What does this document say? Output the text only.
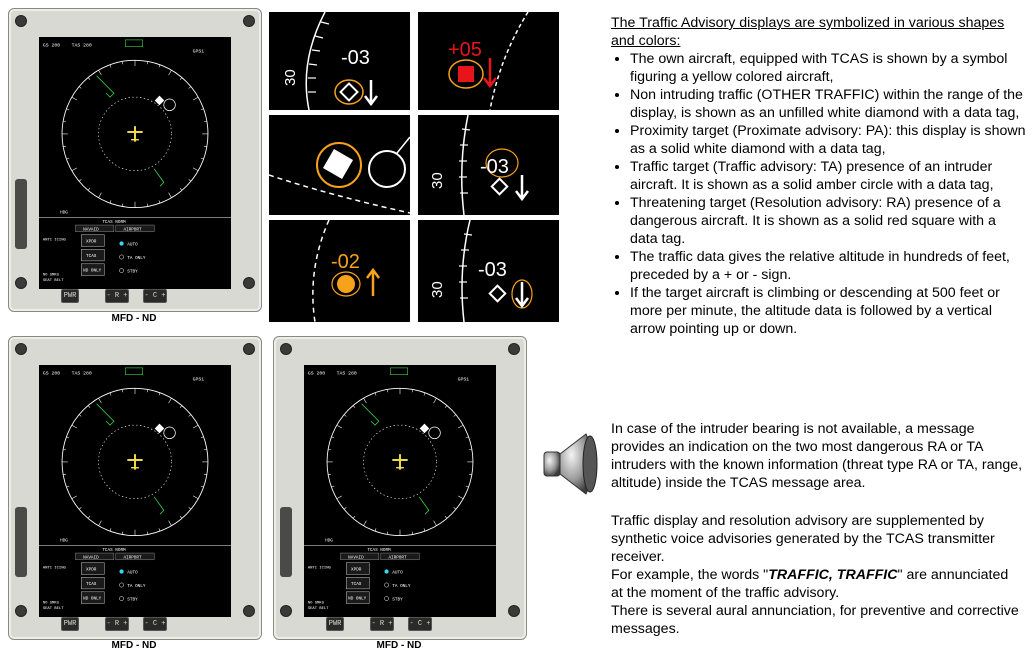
GS 200 TAS 280
GPS1
HDG
TCAS NORM
NAVAID	AIRPORT
ANTI ICING	XPDR
TCAS
ND ONLY
AUTO
TA ONLY
STBY
NO SMKG
SEAT BELT
PWR	- R + - C +
MFD - ND
GS 200 TAS 280
GPS1
HDG
TCAS NORM
NAVAID	AIRPORT
ANTI ICING	XPDR
TCAS
ND ONLY
AUTO
TA ONLY
STBY
NO SMKG
SEAT BELT
PWR	- R + - C +
MFD - ND
GS 200 TAS 280
GPS1
HDG
TCAS NORM
NAVAID	AIRPORT
ANTI ICING	XPDR
TCAS
ND ONLY
AUTO
TA ONLY
STBY
NO SMKG
SEAT BELT
PWR	- R + - C +
MFD - ND
30
-03	+05
30
-03
-02
30
-03

The Traffic Advisory displays are symbolized in various shapes and colors:

• The own aircraft, equipped with TCAS is shown by a symbol figuring a yellow colored aircraft,
• Non intruding traffic (OTHER TRAFFIC) within the range of the display, is shown as an unfilled white diamond with a data tag,
• Proximity target (Proximate advisory: PA): this display is shown as a solid white diamond with a data tag,
• Traffic target (Traffic advisory: TA) presence of an intruder aircraft. It is shown as a solid amber circle with a data tag,
• Threatening target (Resolution advisory: RA) presence of a dangerous aircraft. It is shown as a solid red square with a data tag.
• The traffic data gives the relative altitude in hundreds of feet, preceded by a + or - sign.
• If the target aircraft is climbing or descending at 500 feet or more per minute, the altitude data is followed by a vertical arrow pointing up or down.

In case of the intruder bearing is not available, a message provides an indication on the two most dangerous RA or TA intruders with the known information (threat type RA or TA, range, altitude) inside the TCAS message area.

Traffic display and resolution advisory are supplemented by synthetic voice advisories generated by the TCAS transmitter receiver.

For example, the words "TRAFFIC, TRAFFIC" are annunciated at the moment of the traffic advisory.

There is several aural annunciation, for preventive and corrective messages.
